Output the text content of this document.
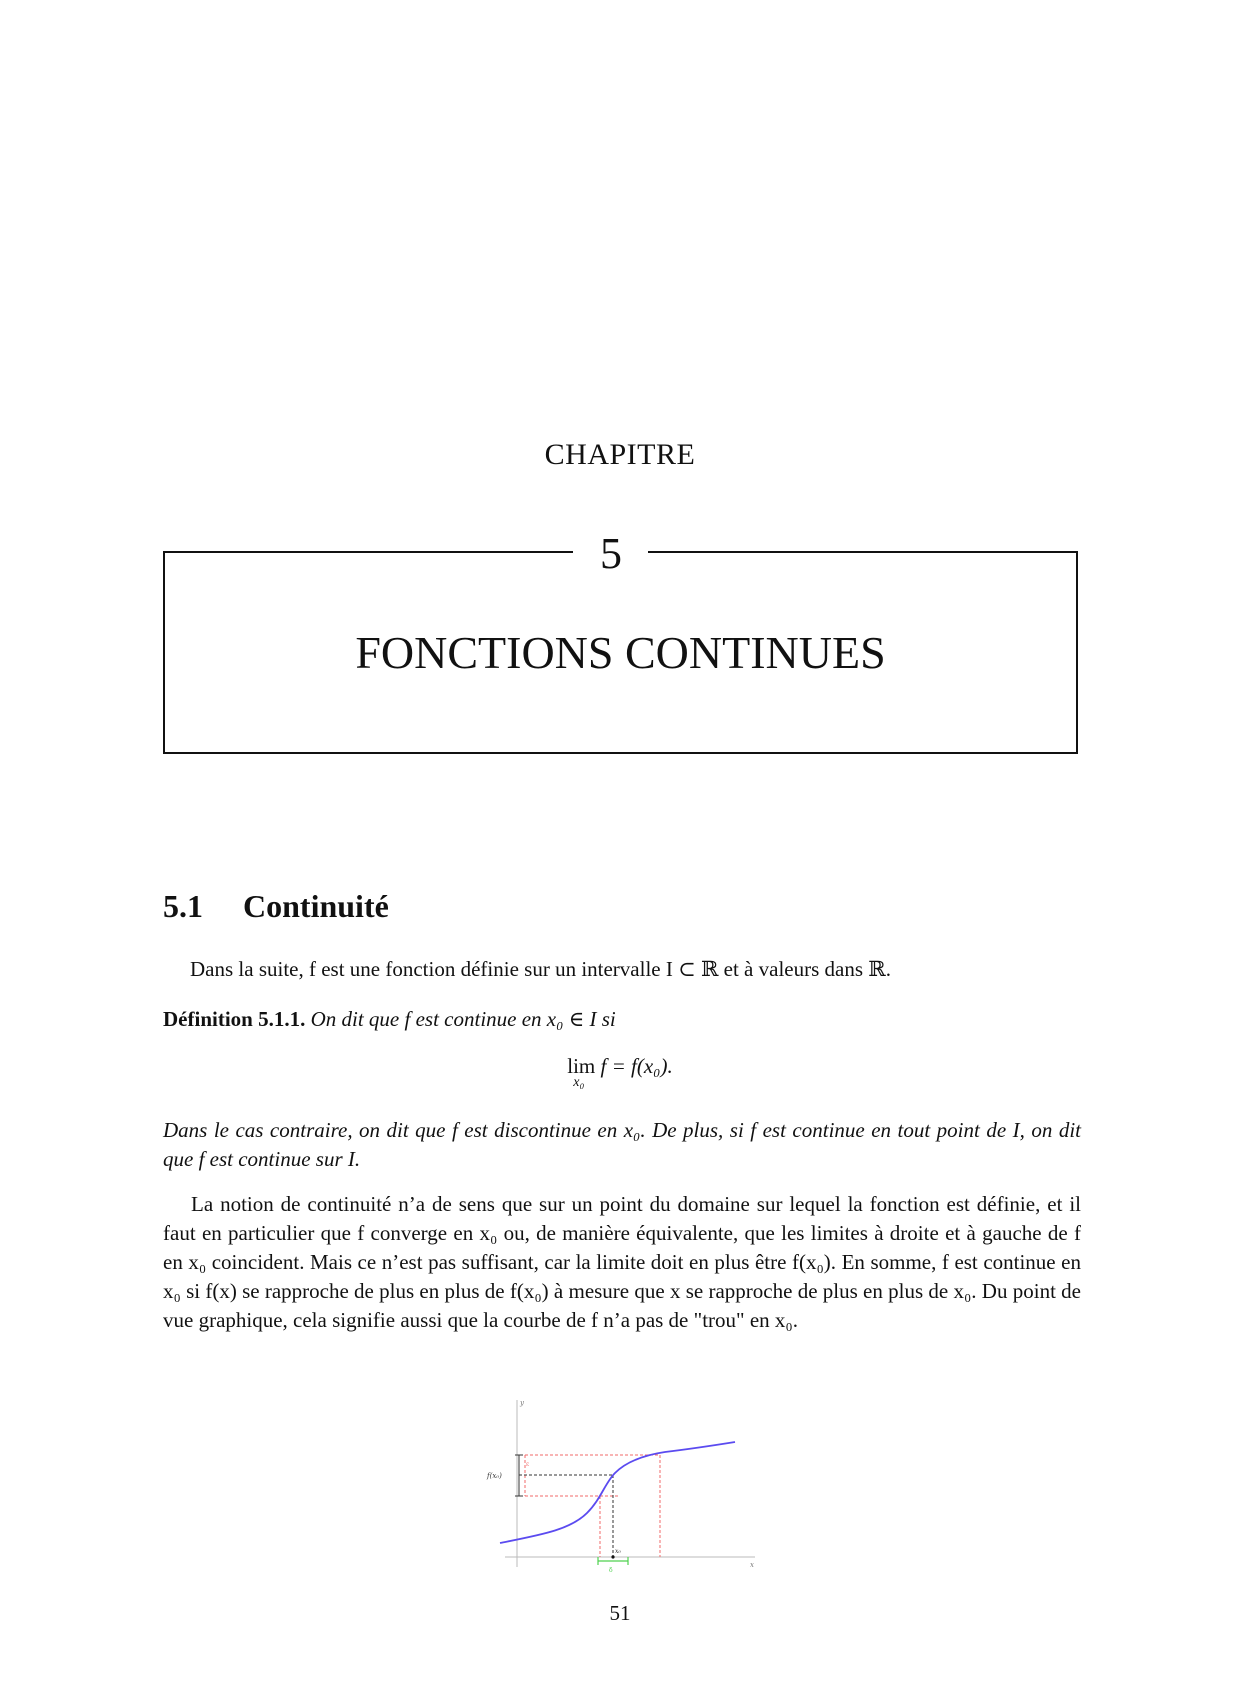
CHAPITRE
5
FONCTIONS CONTINUES
5.1 Continuité
Dans la suite, f est une fonction définie sur un intervalle I ⊂ ℝ et à valeurs dans ℝ.
Définition 5.1.1. On dit que f est continue en x₀ ∈ I si
lim
x₀
f = f(x₀).
Dans le cas contraire, on dit que f est discontinue en x₀. De plus, si f est continue en tout point de I, on dit que f est continue sur I.
La notion de continuité n’a de sens que sur un point du domaine sur lequel la fonction est définie, et il faut en particulier que f converge en x₀ ou, de manière équivalente, que les limites à droite et à gauche de f en x₀ coincident. Mais ce n’est pas suffisant, car la limite doit en plus être f(x₀). En somme, f est continue en x₀ si f(x) se rapproche de plus en plus de f(x₀) à mesure que x se rapproche de plus en plus de x₀. Du point de vue graphique, cela signifie aussi que la courbe de f n’a pas de "trou" en x₀.
x
y
f(x₀)
ε
δ
x₀
51
